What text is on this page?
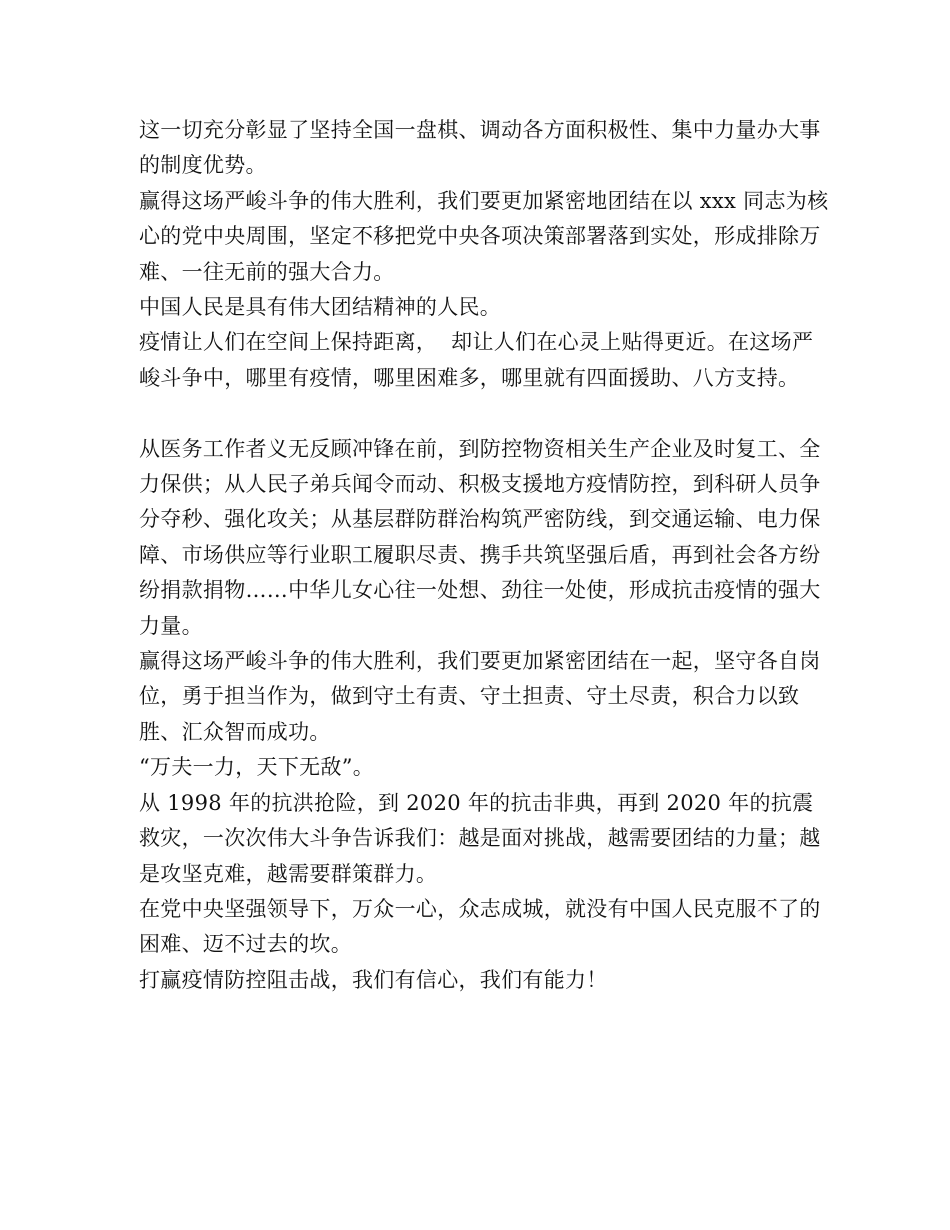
这一切充分彰显了坚持全国一盘棋、调动各方面积极性、集中力量办大事的制度优势。

赢得这场严峻斗争的伟大胜利，我们要更加紧密地团结在以 xxx 同志为核心的党中央周围，坚定不移把党中央各项决策部署落到实处，形成排除万难、一往无前的强大合力。

中国人民是具有伟大团结精神的人民。

疫情让人们在空间上保持距离，  却让人们在心灵上贴得更近。在这场严峻斗争中，哪里有疫情，哪里困难多，哪里就有四面援助、八方支持。

从医务工作者义无反顾冲锋在前，到防控物资相关生产企业及时复工、全力保供；从人民子弟兵闻令而动、积极支援地方疫情防控，到科研人员争分夺秒、强化攻关；从基层群防群治构筑严密防线，到交通运输、电力保障、市场供应等行业职工履职尽责、携手共筑坚强后盾，再到社会各方纷纷捐款捐物……中华儿女心往一处想、劲往一处使，形成抗击疫情的强大力量。

赢得这场严峻斗争的伟大胜利，我们要更加紧密团结在一起，坚守各自岗位，勇于担当作为，做到守土有责、守土担责、守土尽责，积合力以致胜、汇众智而成功。

“万夫一力，天下无敌”。

从 1998 年的抗洪抢险，到 2020 年的抗击非典，再到 2020 年的抗震救灾，一次次伟大斗争告诉我们：越是面对挑战，越需要团结的力量；越是攻坚克难，越需要群策群力。

在党中央坚强领导下，万众一心，众志成城，就没有中国人民克服不了的困难、迈不过去的坎。

打赢疫情防控阻击战，我们有信心，我们有能力！
